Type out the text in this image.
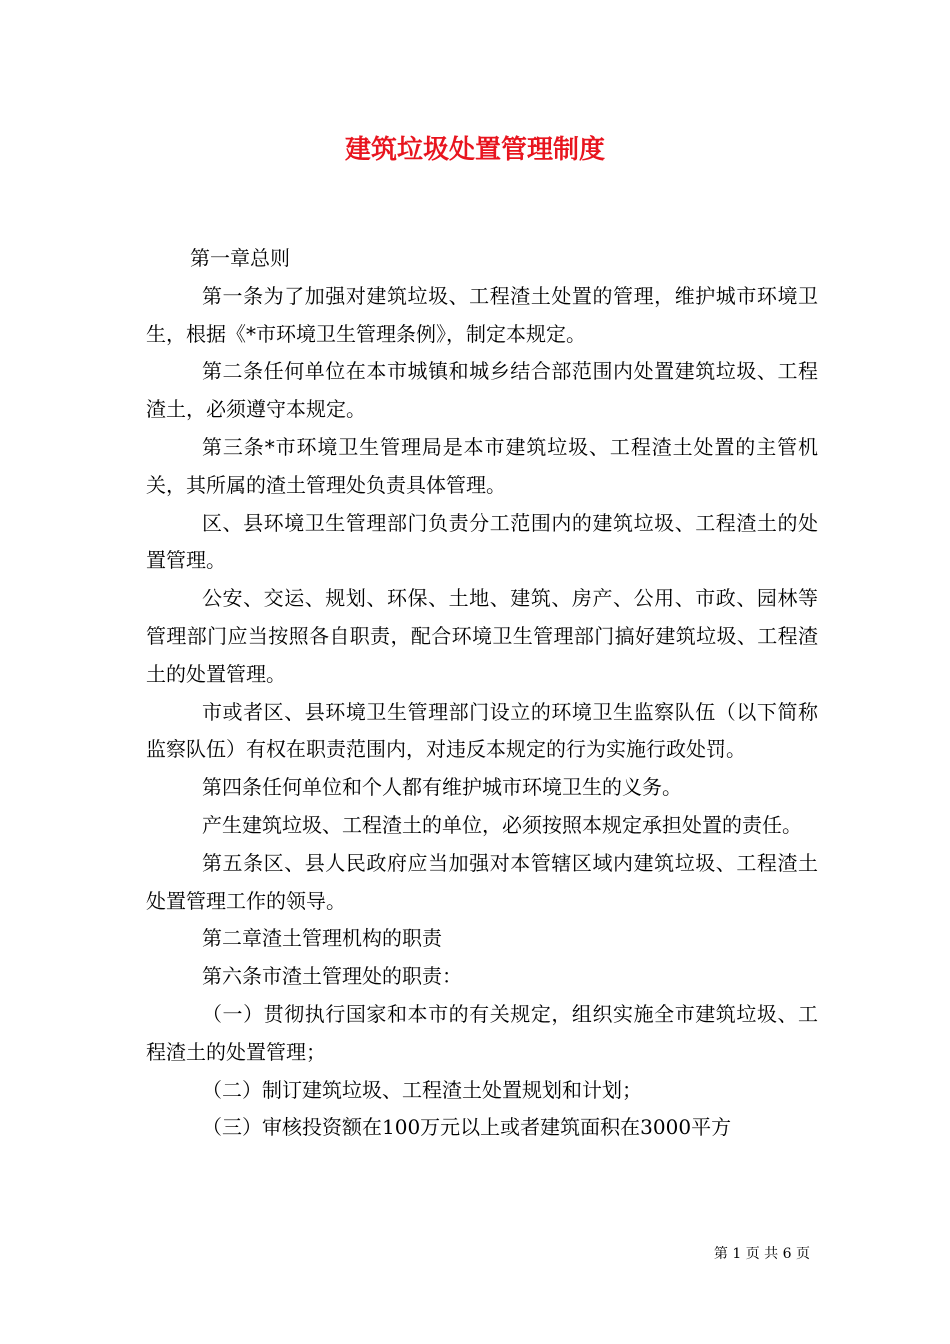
建筑垃圾处置管理制度

第一章总则

第一条为了加强对建筑垃圾、工程渣土处置的管理，维护城市环境卫生，根据《*市环境卫生管理条例》，制定本规定。

第二条任何单位在本市城镇和城乡结合部范围内处置建筑垃圾、工程渣土，必须遵守本规定。

第三条*市环境卫生管理局是本市建筑垃圾、工程渣土处置的主管机关，其所属的渣土管理处负责具体管理。

区、县环境卫生管理部门负责分工范围内的建筑垃圾、工程渣土的处置管理。

公安、交运、规划、环保、土地、建筑、房产、公用、市政、园林等管理部门应当按照各自职责，配合环境卫生管理部门搞好建筑垃圾、工程渣土的处置管理。

市或者区、县环境卫生管理部门设立的环境卫生监察队伍（以下简称监察队伍）有权在职责范围内，对违反本规定的行为实施行政处罚。

第四条任何单位和个人都有维护城市环境卫生的义务。

产生建筑垃圾、工程渣土的单位，必须按照本规定承担处置的责任。

第五条区、县人民政府应当加强对本管辖区域内建筑垃圾、工程渣土处置管理工作的领导。

第二章渣土管理机构的职责

第六条市渣土管理处的职责：

（一）贯彻执行国家和本市的有关规定，组织实施全市建筑垃圾、工程渣土的处置管理；

（二）制订建筑垃圾、工程渣土处置规划和计划；

（三）审核投资额在100万元以上或者建筑面积在3000平方

第 1 页 共 6 页
